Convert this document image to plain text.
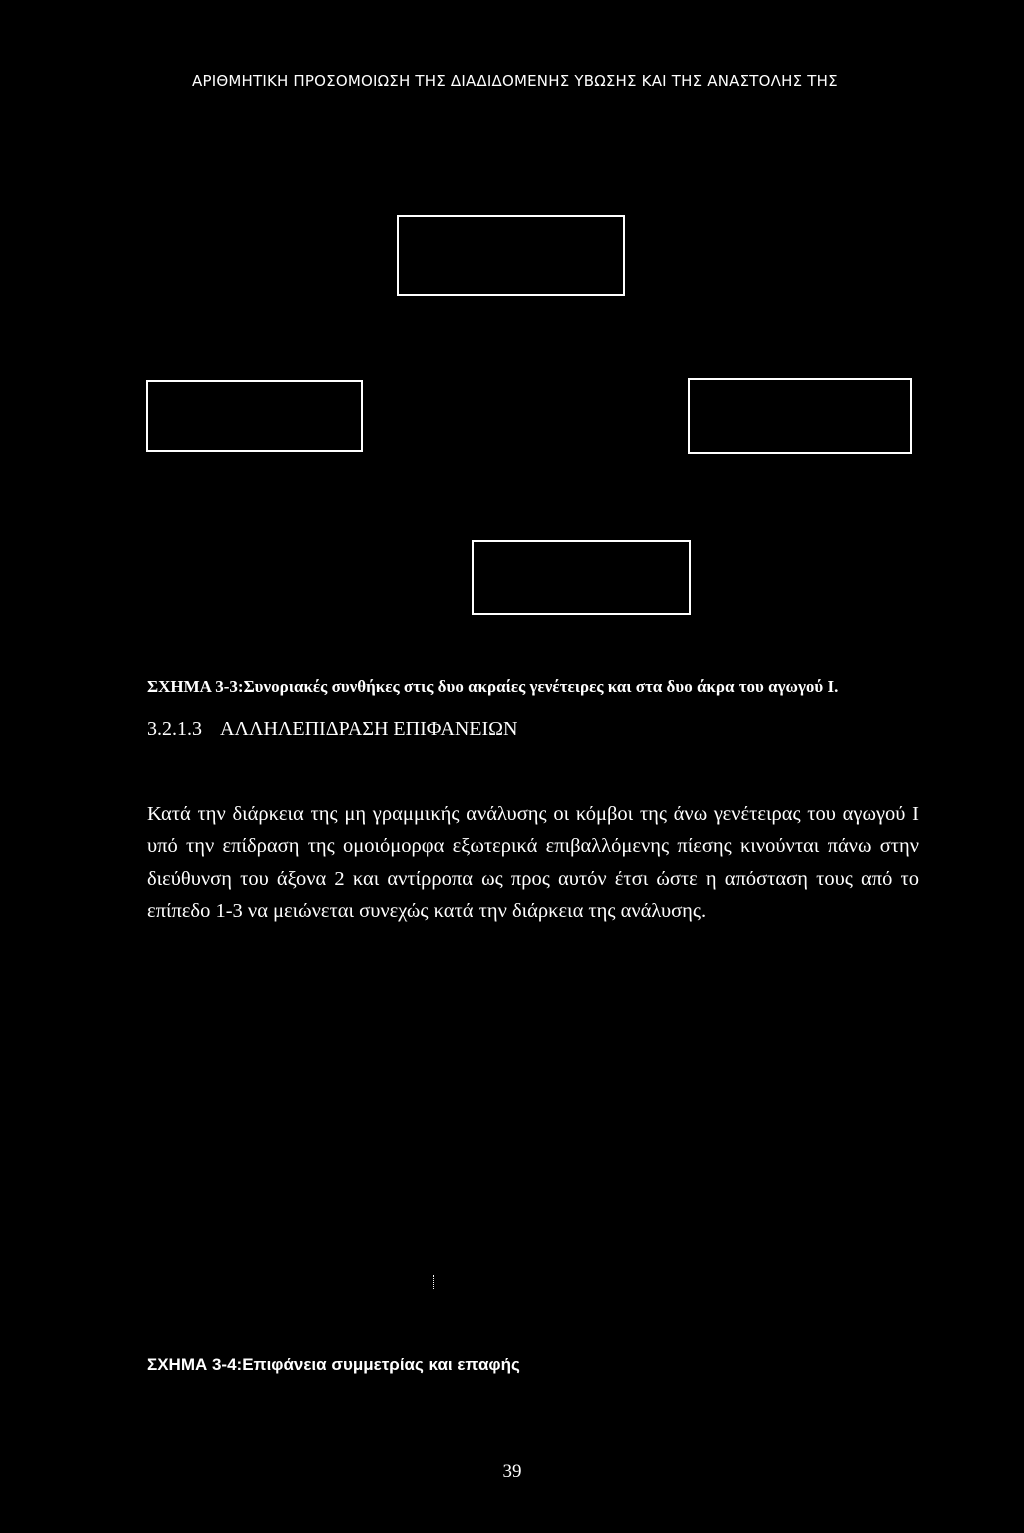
ΑΡΙΘΜΗΤΙΚΗ ΠΡΟΣΟΜΟΙΩΣΗ ΤΗΣ ΔΙΑΔΙΔΟΜΕΝΗΣ ΥΒΩΣΗΣ ΚΑΙ ΤΗΣ ΑΝΑΣΤΟΛΗΣ ΤΗΣ
ΣΧΗΜΑ 3-3:Συνοριακές συνθήκες στις δυο ακραίες γενέτειρες και στα δυο άκρα του αγωγού I.
3.2.1.3 ΑΛΛΗΛΕΠΙΔΡΑΣΗ ΕΠΙΦΑΝΕΙΩΝ

Κατά την διάρκεια της μη γραμμικής ανάλυσης οι κόμβοι της άνω γενέτειρας του αγωγού I υπό την επίδραση της ομοιόμορφα εξωτερικά επιβαλλόμενης πίεσης κινούνται πάνω στην διεύθυνση του άξονα 2 και αντίρροπα ως προς αυτόν έτσι ώστε η απόσταση τους από το επίπεδο 1-3 να μειώνεται συνεχώς κατά την διάρκεια της ανάλυσης.

ΣΧΗΜΑ 3-4:Επιφάνεια συμμετρίας και επαφής
39
